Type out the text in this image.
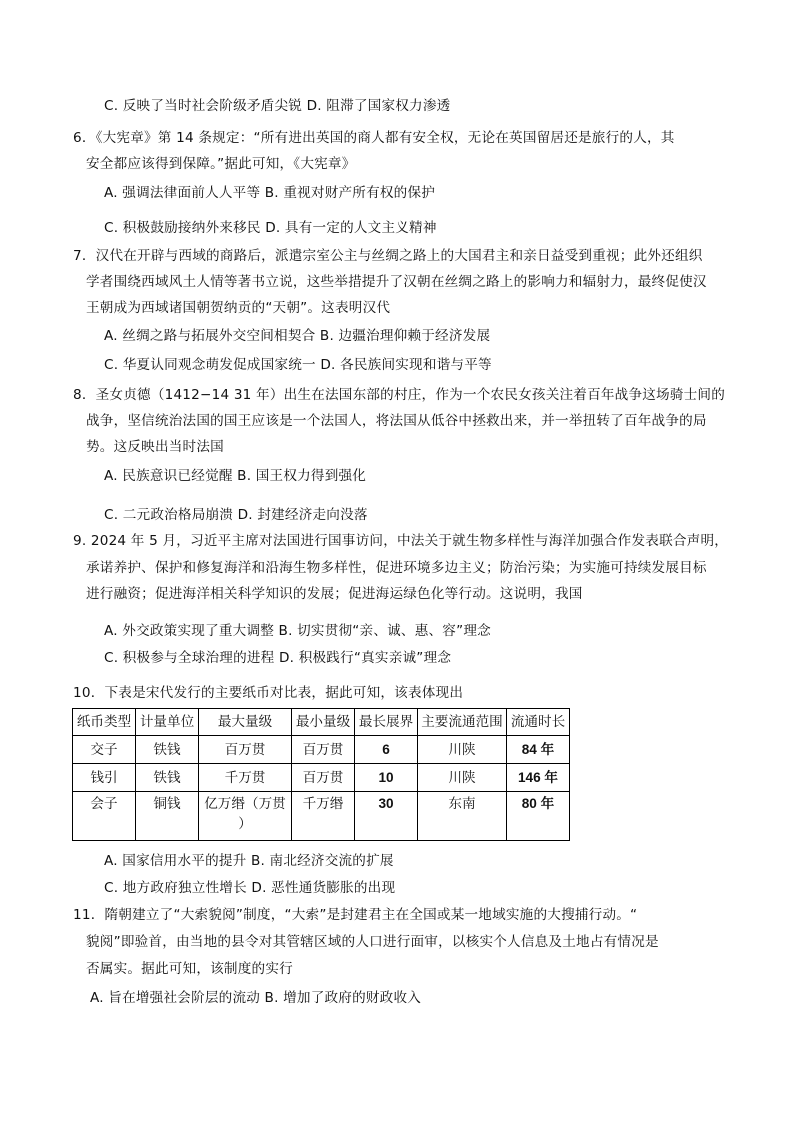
C. 反映了当时社会阶级矛盾尖锐 D. 阻滞了国家权力渗透
6．《大宪章》第 14 条规定：“所有进出英国的商人都有安全权，无论在英国留居还是旅行的人，其
安全都应该得到保障。”据此可知，《大宪章》
A. 强调法律面前人人平等 B. 重视对财产所有权的保护
C. 积极鼓励接纳外来移民 D. 具有一定的人文主义精神
7．汉代在开辟与西域的商路后，派遣宗室公主与丝绸之路上的大国君主和亲日益受到重视；此外还组织
学者围绕西域风土人情等著书立说，这些举措提升了汉朝在丝绸之路上的影响力和辐射力，最终促使汉
王朝成为西域诸国朝贺纳贡的“天朝”。这表明汉代
A. 丝绸之路与拓展外交空间相契合 B. 边疆治理仰赖于经济发展
C. 华夏认同观念萌发促成国家统一 D. 各民族间实现和谐与平等
8．圣女贞德（1412−14 31 年）出生在法国东部的村庄，作为一个农民女孩关注着百年战争这场骑士间的
战争，坚信统治法国的国王应该是一个法国人，将法国从低谷中拯救出来，并一举扭转了百年战争的局
势。这反映出当时法国
A. 民族意识已经觉醒 B. 国王权力得到强化
C. 二元政治格局崩溃 D. 封建经济走向没落
9. 2024 年 5 月，习近平主席对法国进行国事访问，中法关于就生物多样性与海洋加强合作发表联合声明，
承诺养护、保护和修复海洋和沿海生物多样性，促进环境多边主义；防治污染；为实施可持续发展目标
进行融资；促进海洋相关科学知识的发展；促进海运绿色化等行动。这说明，我国
A. 外交政策实现了重大调整 B. 切实贯彻“亲、诚、惠、容”理念
C. 积极参与全球治理的进程 D. 积极践行“真实亲诚”理念
10．下表是宋代发行的主要纸币对比表，据此可知，该表体现出
纸币类型	计量单位	最大量级	最小量级	最长展界	主要流通范围	流通时长
交子	铁钱	百万贯	百万贯	6	川陕	84 年
钱引	铁钱	千万贯	百万贯	10	川陕	146 年
会子	铜钱	亿万缗（万贯
）	千万缗	30	东南	80 年
A. 国家信用水平的提升 B. 南北经济交流的扩展
C. 地方政府独立性增长 D. 恶性通货膨胀的出现
11．隋朝建立了“大索貌阅”制度，“大索”是封建君主在全国或某一地域实施的大搜捕行动。“
貌阅”即验首，由当地的县令对其管辖区域的人口进行面审，以核实个人信息及土地占有情况是
否属实。据此可知，该制度的实行
A. 旨在增强社会阶层的流动 B. 增加了政府的财政收入
